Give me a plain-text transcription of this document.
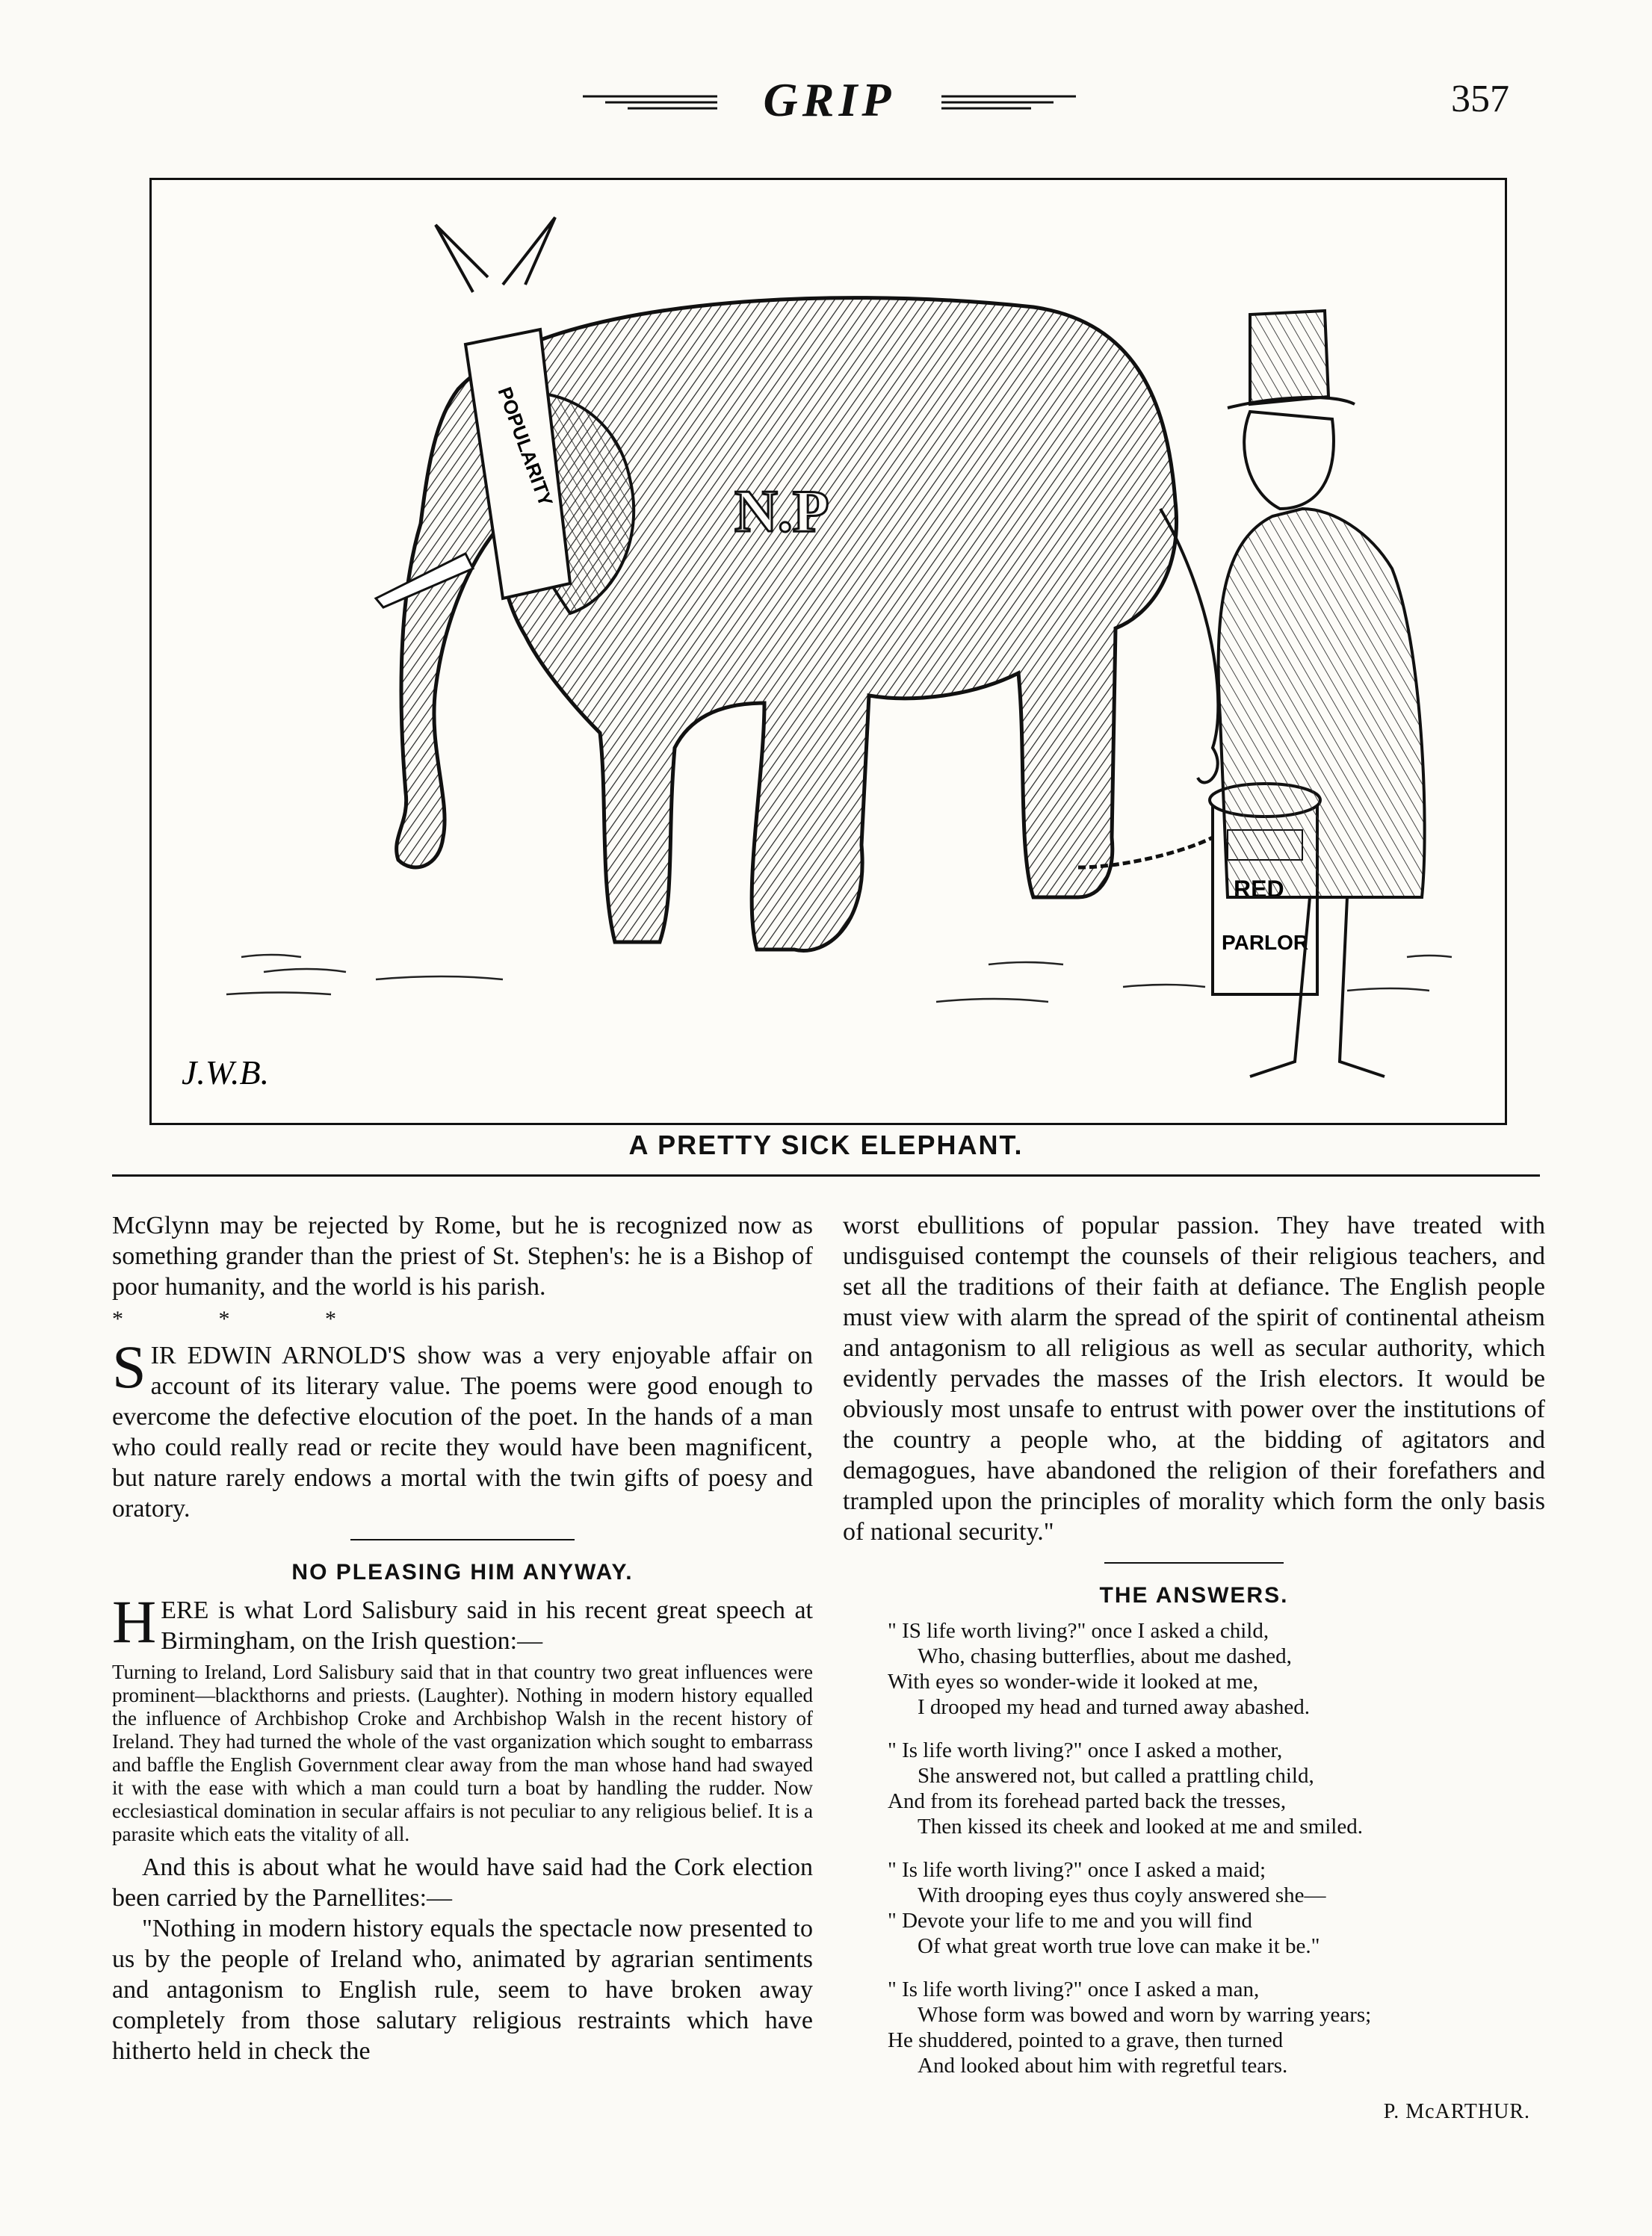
GRIP	357
POPULARITY
N.P
PARLOR
J.W.B.
A PRETTY SICK ELEPHANT.

McGlynn may be rejected by Rome, but he is recognized now as something grander than the priest of St. Stephen's: he is a Bishop of poor humanity, and the world is his parish.

* * *

SIR EDWIN ARNOLD'S show was a very enjoyable affair on account of its literary value. The poems were good enough to evercome the defective elocution of the poet. In the hands of a man who could really read or recite they would have been magnificent, but nature rarely endows a mortal with the twin gifts of poesy and oratory.

NO PLEASING HIM ANYWAY.

HERE is what Lord Salisbury said in his recent great speech at Birmingham, on the Irish question:—

Turning to Ireland, Lord Salisbury said that in that country two great influences were prominent—blackthorns and priests. (Laughter). Nothing in modern history equalled the influence of Archbishop Croke and Archbishop Walsh in the recent history of Ireland. They had turned the whole of the vast organization which sought to embarrass and baffle the English Government clear away from the man whose hand had swayed it with the ease with which a man could turn a boat by handling the rudder. Now ecclesiastical domination in secular affairs is not peculiar to any religious belief. It is a parasite which eats the vitality of all.

And this is about what he would have said had the Cork election been carried by the Parnellites:—

"Nothing in modern history equals the spectacle now presented to us by the people of Ireland who, animated by agrarian sentiments and antagonism to English rule, seem to have broken away completely from those salutary religious restraints which have hitherto held in check the

worst ebullitions of popular passion. They have treated with undisguised contempt the counsels of their religious teachers, and set all the traditions of their faith at defiance. The English people must view with alarm the spread of the spirit of continental atheism and antagonism to all religious as well as secular authority, which evidently pervades the masses of the Irish electors. It would be obviously most unsafe to entrust with power over the institutions of the country a people who, at the bidding of agitators and demagogues, have abandoned the religion of their forefathers and trampled upon the principles of morality which form the only basis of national security."

THE ANSWERS.

" IS life worth living?" once I asked a child,

Who, chasing butterflies, about me dashed,

With eyes so wonder-wide it looked at me,

I drooped my head and turned away abashed.

" Is life worth living?" once I asked a mother,

She answered not, but called a prattling child,

And from its forehead parted back the tresses,

Then kissed its cheek and looked at me and smiled.

" Is life worth living?" once I asked a maid;

With drooping eyes thus coyly answered she—

" Devote your life to me and you will find

Of what great worth true love can make it be."

" Is life worth living?" once I asked a man,

Whose form was bowed and worn by warring years;

He shuddered, pointed to a grave, then turned

And looked about him with regretful tears.

P. McARTHUR.
